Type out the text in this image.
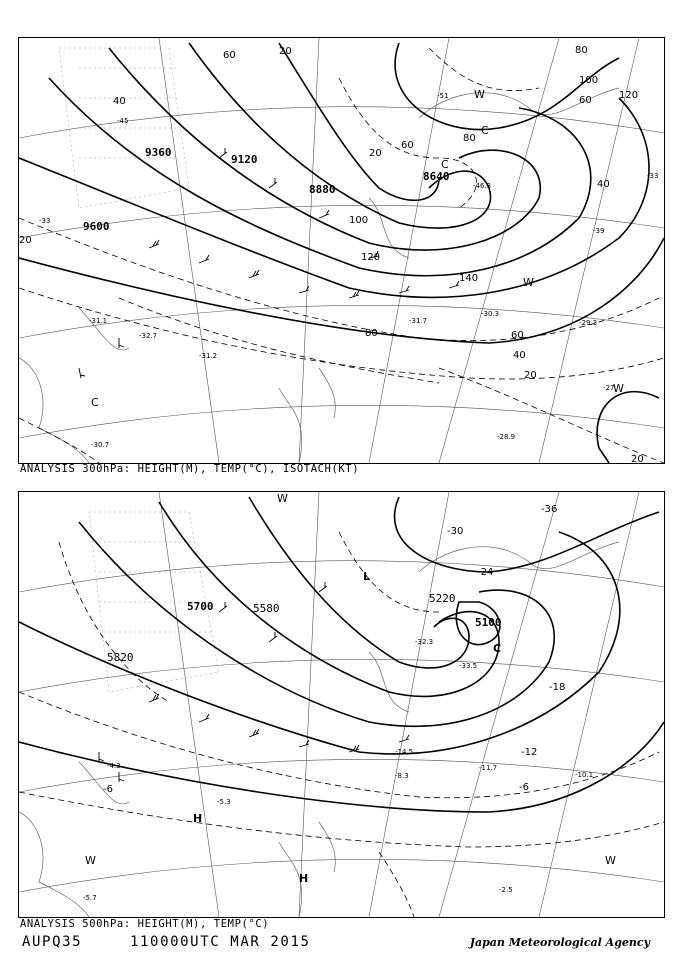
9360
9120
8880
8640
9600
20
40
60
80
100
120
140
60
40
20
80
60
20
20
20
40
60
80
100
120
-33
-31.1
-32.7
-31.2
-31.7
-30.3
-29.3
-27
-28.9
-30.7
-45
-51
-46.3
-39
-33
C
W
C
W
C
W
ANALYSIS 300hPa: HEIGHT(M), TEMP(°C), ISOTACH(KT)
5700	5580
5820
5220
5100
-36
-30
-24
-18
-12
-6
-6
-33.5
-32.3
-14.5
-11.7
-10.1
-8.3
-5.3
-5.7
-2.5
-4.3
H
H
L
C
W	W
W
ANALYSIS 500hPa: HEIGHT(M), TEMP(°C)
AUPQ35	110000UTC MAR 2015	Japan Meteorological Agency
